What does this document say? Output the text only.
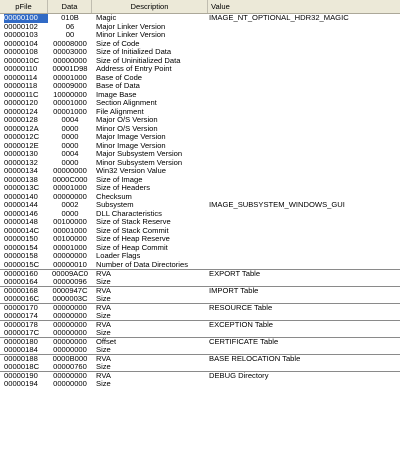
pFile	Data	Description	Value
00000100	010B	Magic	IMAGE_NT_OPTIONAL_HDR32_MAGIC
00000102	06	Major Linker Version
00000103	00	Minor Linker Version
00000104	00008000	Size of Code
00000108	00003000	Size of Initialized Data
0000010C	00000000	Size of Uninitialized Data
00000110	00001D98	Address of Entry Point
00000114	00001000	Base of Code
00000118	00009000	Base of Data
0000011C	10000000	Image Base
00000120	00001000	Section Alignment
00000124	00001000	File Alignment
00000128	0004	Major O/S Version
0000012A	0000	Minor O/S Version
0000012C	0000	Major Image Version
0000012E	0000	Minor Image Version
00000130	0004	Major Subsystem Version
00000132	0000	Minor Subsystem Version
00000134	00000000	Win32 Version Value
00000138	0000C000	Size of Image
0000013C	00001000	Size of Headers
00000140	00000000	Checksum
00000144	0002	Subsystem	IMAGE_SUBSYSTEM_WINDOWS_GUI
00000146	0000	DLL Characteristics
00000148	00100000	Size of Stack Reserve
0000014C	00001000	Size of Stack Commit
00000150	00100000	Size of Heap Reserve
00000154	00001000	Size of Heap Commit
00000158	00000000	Loader Flags
0000015C	00000010	Number of Data Directories
00000160	00009AC0	RVA	EXPORT Table
00000164	00000096	Size
00000168	0000947C	RVA	IMPORT Table
0000016C	0000003C	Size
00000170	00000000	RVA	RESOURCE Table
00000174	00000000	Size
00000178	00000000	RVA	EXCEPTION Table
0000017C	00000000	Size
00000180	00000000	Offset	CERTIFICATE Table
00000184	00000000	Size
00000188	0000B000	RVA	BASE RELOCATION Table
0000018C	00000760	Size
00000190	00000000	RVA	DEBUG Directory
00000194	00000000	Size
